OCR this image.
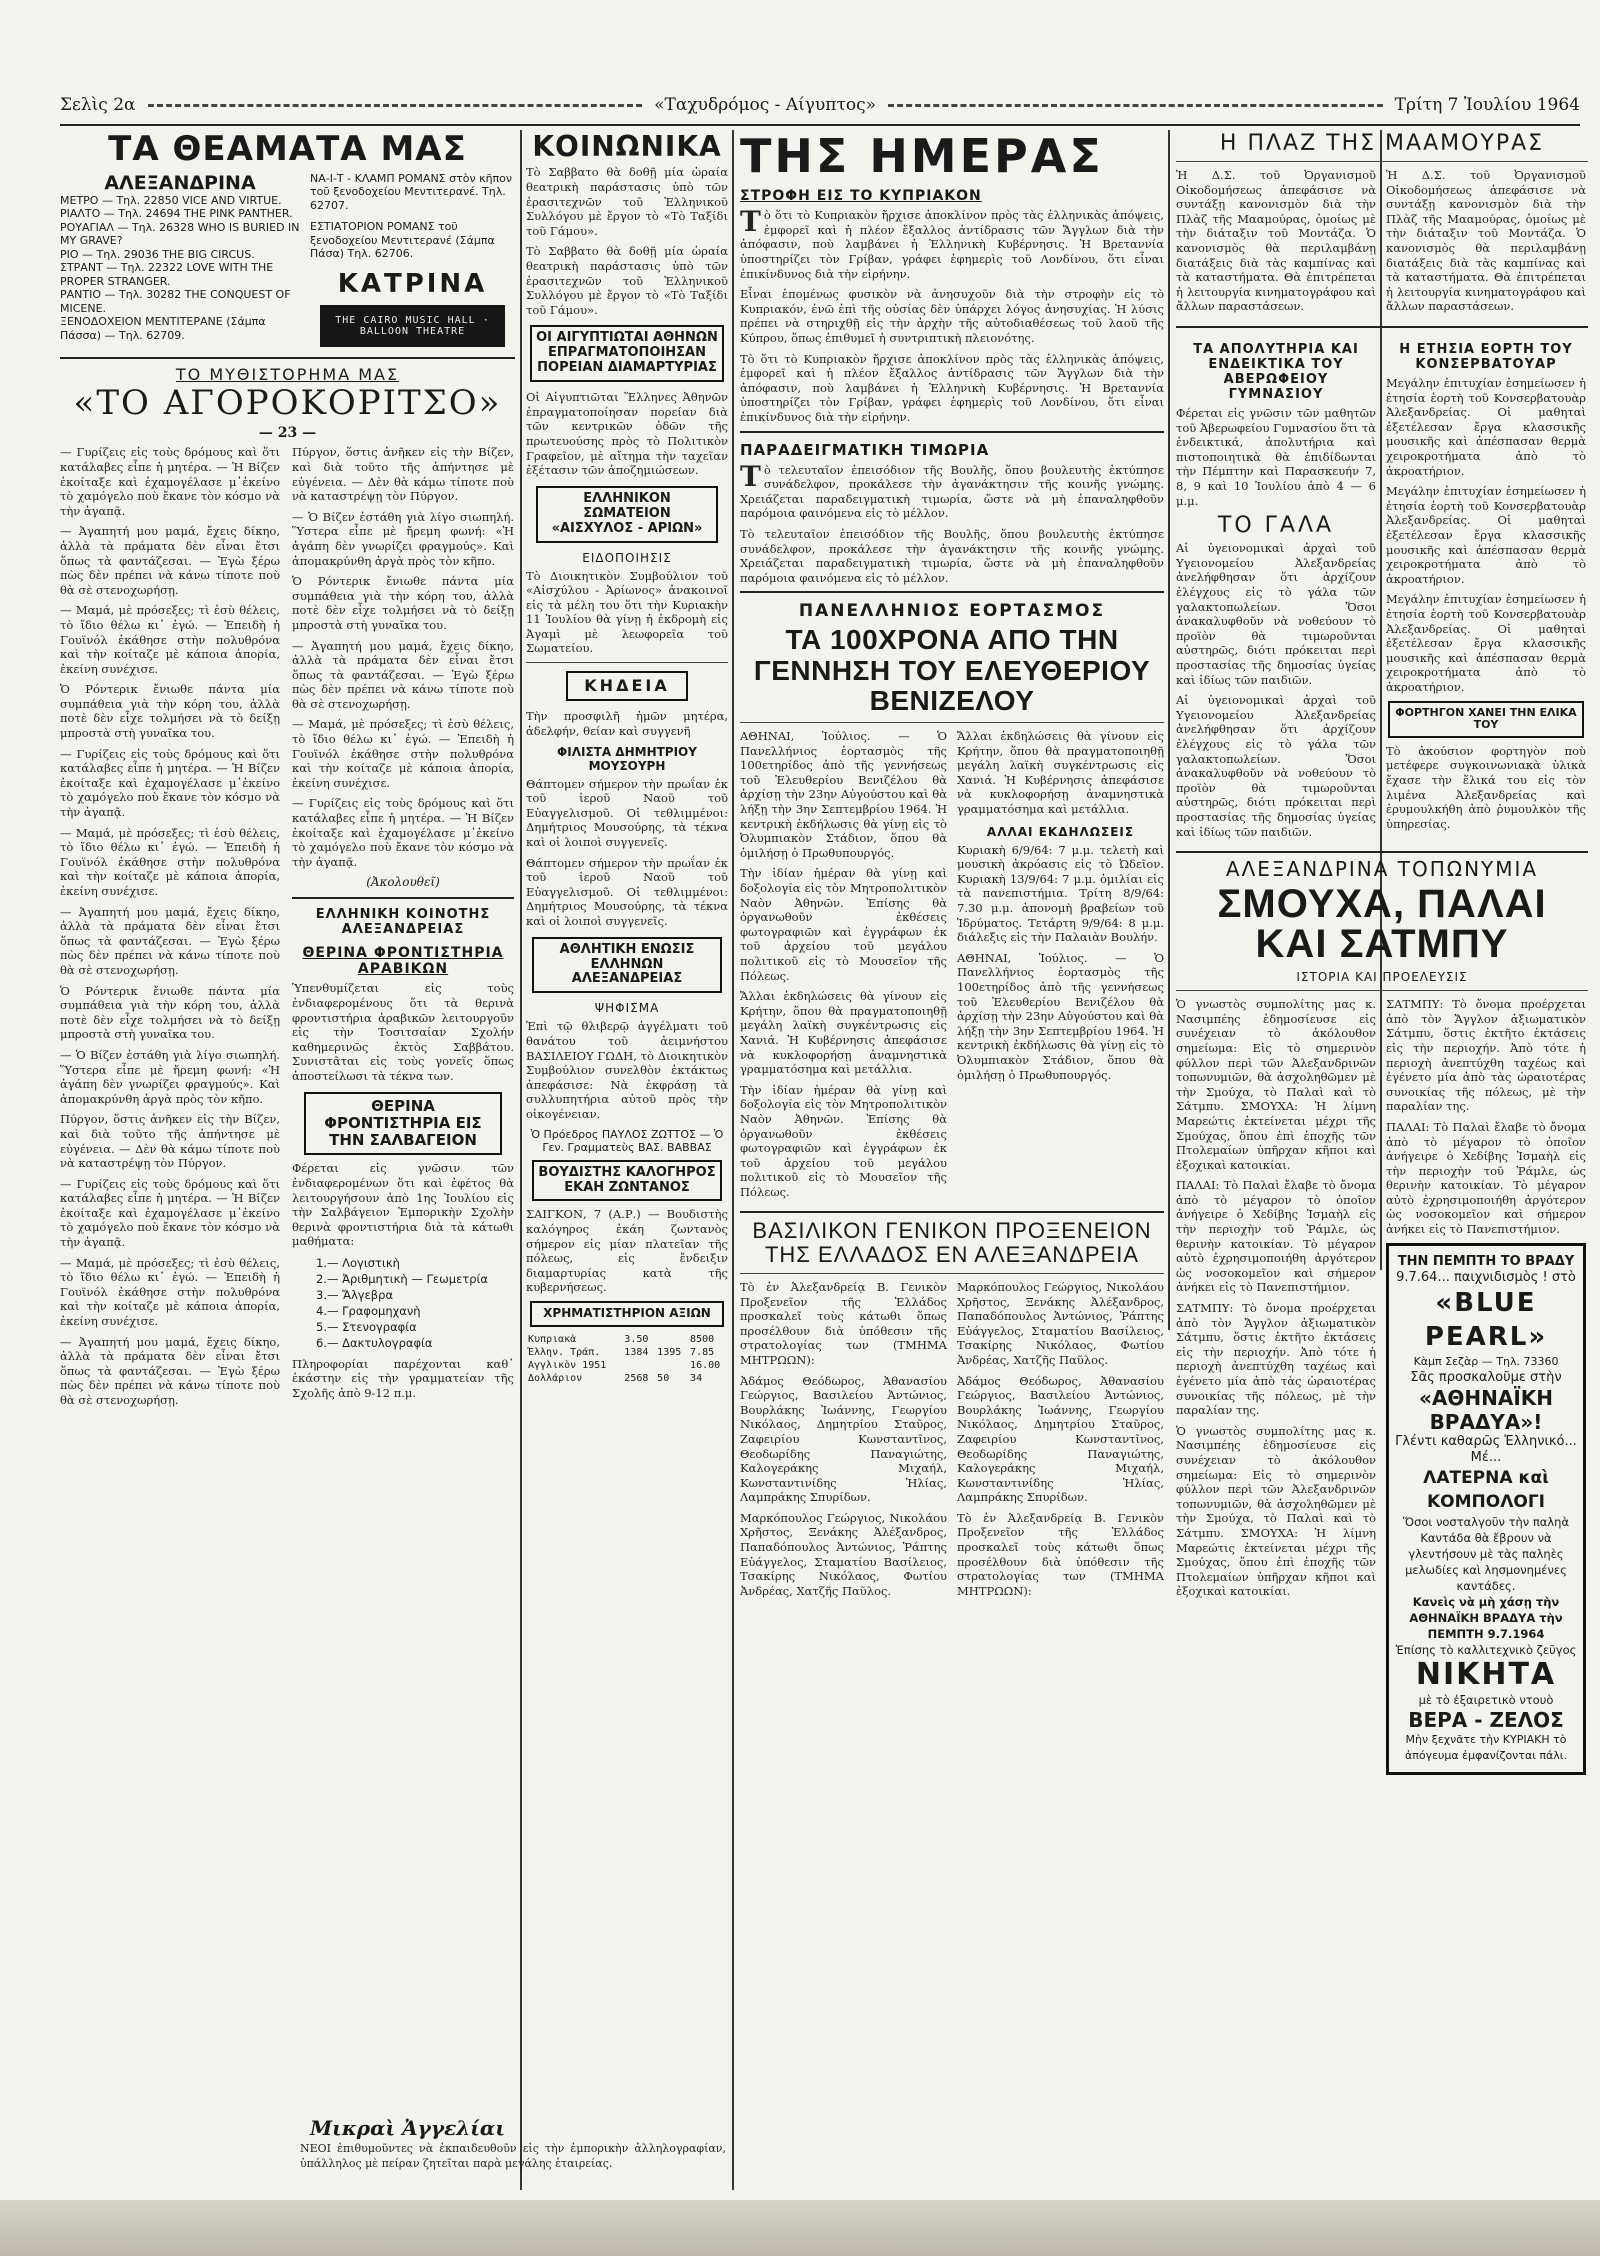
Σελὶς 2α	«Ταχυδρόμος - Αίγυπτος»	Τρίτη 7 Ἰουλίου 1964
ΤΑ ΘΕΑΜΑΤΑ ΜΑΣ
ΑΛΕΞΑΝΔΡΙΝΑ

ΜΕΤΡΟ — Τηλ. 22850 VICE AND VIRTUE.

ΡΙΑΛΤΟ — Τηλ. 24694 THE PINK PANTHER.

ΡΟΥΑΓΙΑΛ — Τηλ. 26328 WHO IS BURIED IN MY GRAVE?

ΡΙΟ — Τηλ. 29036 THE BIG CIRCUS.

ΣΤΡΑΝΤ — Τηλ. 22322 LOVE WITH THE PROPER STRANGER.

ΡΑΝΤΙΟ — Τηλ. 30282 THE CONQUEST OF MICENE.

ΞΕΝΟΔΟΧΕΙΟΝ ΜΕΝΤΙΤΕΡΑΝΕ (Σάμπα Πάσσα) — Τηλ. 62709.

ΝΑ-Ι-Τ - ΚΛΑΜΠ ΡΟΜΑΝΣ στὸν κῆπον τοῦ ξενοδοχείου Μεντιτερανέ. Τηλ. 62707.

ΕΣΤΙΑΤΟΡΙΟΝ ΡΟΜΑΝΣ τοῦ ξενοδοχείου Μεντιτερανέ (Σάμπα Πάσα) Τηλ. 62706.

ΚΑΤΡΙΝΑ
THE CAIRO MUSIC HALL · BALLOON THEATRE
ΤΟ ΜΥΘΙΣΤΟΡΗΜΑ ΜΑΣ
«ΤΟ ΑΓΟΡΟΚΟΡΙΤΣΟ»
— 23 —

— Γυρίζεις εἰς τοὺς δρόμους καὶ ὅτι κατάλαβες εἶπε ἡ μητέρα. — Ἡ Βίζεν ἐκοίταξε καὶ ἐχαμογέλασε μ᾽ἐκείνο τὸ χαμόγελο ποὺ ἔκανε τὸν κόσμο νὰ τὴν ἀγαπᾷ.

— Ἀγαπητή μου μαμά, ἔχεις δίκηο, ἀλλὰ τὰ πράματα δὲν εἶναι ἔτσι ὅπως τὰ φαντάζεσαι. — Ἐγὼ ξέρω πὼς δὲν πρέπει νὰ κάνω τίποτε ποὺ θὰ σὲ στενοχωρήσῃ.

— Μαμά, μὲ πρόσεξες; τὶ ἐσὺ θέλεις, τὸ ἴδιο θέλω κι᾽ ἐγώ. — Ἐπειδὴ ἡ Γουϊνόλ ἐκάθησε στὴν πολυθρόνα καὶ τὴν κοίταζε μὲ κάποια ἀπορία, ἐκείνη συνέχισε.

Ὁ Ρόντερικ ἔνιωθε πάντα μία συμπάθεια γιὰ τὴν κόρη του, ἀλλὰ ποτὲ δὲν εἶχε τολμήσει νὰ τὸ δείξῃ μπροστὰ στὴ γυναῖκα του.

— Γυρίζεις εἰς τοὺς δρόμους καὶ ὅτι κατάλαβες εἶπε ἡ μητέρα. — Ἡ Βίζεν ἐκοίταξε καὶ ἐχαμογέλασε μ᾽ἐκείνο τὸ χαμόγελο ποὺ ἔκανε τὸν κόσμο νὰ τὴν ἀγαπᾷ.

— Μαμά, μὲ πρόσεξες; τὶ ἐσὺ θέλεις, τὸ ἴδιο θέλω κι᾽ ἐγώ. — Ἐπειδὴ ἡ Γουϊνόλ ἐκάθησε στὴν πολυθρόνα καὶ τὴν κοίταζε μὲ κάποια ἀπορία, ἐκείνη συνέχισε.

— Ἀγαπητή μου μαμά, ἔχεις δίκηο, ἀλλὰ τὰ πράματα δὲν εἶναι ἔτσι ὅπως τὰ φαντάζεσαι. — Ἐγὼ ξέρω πὼς δὲν πρέπει νὰ κάνω τίποτε ποὺ θὰ σὲ στενοχωρήσῃ.

Ὁ Ρόντερικ ἔνιωθε πάντα μία συμπάθεια γιὰ τὴν κόρη του, ἀλλὰ ποτὲ δὲν εἶχε τολμήσει νὰ τὸ δείξῃ μπροστὰ στὴ γυναῖκα του.

— Ὁ Βίζεν ἐστάθη γιὰ λίγο σιωπηλή. Ὕστερα εἶπε μὲ ἤρεμη φωνή: «Ἡ ἀγάπη δὲν γνωρίζει φραγμούς». Καὶ ἀπομακρύνθη ἀργὰ πρὸς τὸν κῆπο.

Πύργον, ὅστις ἀνῆκεν εἰς τὴν Βίζεν, καὶ διὰ τοῦτο τῆς ἀπήντησε μὲ εὐγένεια. — Δὲν θὰ κάμω τίποτε ποὺ νὰ καταστρέψῃ τὸν Πύργον.

— Γυρίζεις εἰς τοὺς δρόμους καὶ ὅτι κατάλαβες εἶπε ἡ μητέρα. — Ἡ Βίζεν ἐκοίταξε καὶ ἐχαμογέλασε μ᾽ἐκείνο τὸ χαμόγελο ποὺ ἔκανε τὸν κόσμο νὰ τὴν ἀγαπᾷ.

— Μαμά, μὲ πρόσεξες; τὶ ἐσὺ θέλεις, τὸ ἴδιο θέλω κι᾽ ἐγώ. — Ἐπειδὴ ἡ Γουϊνόλ ἐκάθησε στὴν πολυθρόνα καὶ τὴν κοίταζε μὲ κάποια ἀπορία, ἐκείνη συνέχισε.

— Ἀγαπητή μου μαμά, ἔχεις δίκηο, ἀλλὰ τὰ πράματα δὲν εἶναι ἔτσι ὅπως τὰ φαντάζεσαι. — Ἐγὼ ξέρω πὼς δὲν πρέπει νὰ κάνω τίποτε ποὺ θὰ σὲ στενοχωρήσῃ.

Πύργον, ὅστις ἀνῆκεν εἰς τὴν Βίζεν, καὶ διὰ τοῦτο τῆς ἀπήντησε μὲ εὐγένεια. — Δὲν θὰ κάμω τίποτε ποὺ νὰ καταστρέψῃ τὸν Πύργον.

— Ὁ Βίζεν ἐστάθη γιὰ λίγο σιωπηλή. Ὕστερα εἶπε μὲ ἤρεμη φωνή: «Ἡ ἀγάπη δὲν γνωρίζει φραγμούς». Καὶ ἀπομακρύνθη ἀργὰ πρὸς τὸν κῆπο.

Ὁ Ρόντερικ ἔνιωθε πάντα μία συμπάθεια γιὰ τὴν κόρη του, ἀλλὰ ποτὲ δὲν εἶχε τολμήσει νὰ τὸ δείξῃ μπροστὰ στὴ γυναῖκα του.

— Ἀγαπητή μου μαμά, ἔχεις δίκηο, ἀλλὰ τὰ πράματα δὲν εἶναι ἔτσι ὅπως τὰ φαντάζεσαι. — Ἐγὼ ξέρω πὼς δὲν πρέπει νὰ κάνω τίποτε ποὺ θὰ σὲ στενοχωρήσῃ.

— Μαμά, μὲ πρόσεξες; τὶ ἐσὺ θέλεις, τὸ ἴδιο θέλω κι᾽ ἐγώ. — Ἐπειδὴ ἡ Γουϊνόλ ἐκάθησε στὴν πολυθρόνα καὶ τὴν κοίταζε μὲ κάποια ἀπορία, ἐκείνη συνέχισε.

— Γυρίζεις εἰς τοὺς δρόμους καὶ ὅτι κατάλαβες εἶπε ἡ μητέρα. — Ἡ Βίζεν ἐκοίταξε καὶ ἐχαμογέλασε μ᾽ἐκείνο τὸ χαμόγελο ποὺ ἔκανε τὸν κόσμο νὰ τὴν ἀγαπᾷ.

(Ἀκολουθεῖ)
ΕΛΛΗΝΙΚΗ ΚΟΙΝΟΤΗΣ ΑΛΕΞΑΝΔΡΕΙΑΣ
ΘΕΡΙΝΑ ΦΡΟΝΤΙΣΤΗΡΙΑ ΑΡΑΒΙΚΩΝ

Ὑπενθυμίζεται εἰς τοὺς ἐνδιαφερομένους ὅτι τὰ θερινὰ φροντιστήρια ἀραβικῶν λειτουργοῦν εἰς τὴν Τοσιτσαίαν Σχολήν καθημερινῶς ἐκτὸς Σαββάτου. Συνιστᾶται εἰς τοὺς γονεῖς ὅπως ἀποστείλωσι τὰ τέκνα των.

ΘΕΡΙΝΑ ΦΡΟΝΤΙΣΤΗΡΙΑ ΕΙΣ ΤΗΝ ΣΑΛΒΑΓΕΙΟΝ

Φέρεται εἰς γνῶσιν τῶν ἐνδιαφερομένων ὅτι καὶ ἐφέτος θὰ λειτουργήσουν ἀπὸ 1ης Ἰουλίου εἰς τὴν Σαλβάγειον Ἐμπορικὴν Σχολὴν θερινὰ φροντιστήρια διὰ τὰ κάτωθι μαθήματα:

1.— Λογιστικὴ
2.— Ἀριθμητικὴ — Γεωμετρία
3.— Ἄλγεβρα
4.— Γραφομηχανὴ
5.— Στενογραφία
6.— Δακτυλογραφία

Πληροφορίαι παρέχονται καθ᾽ ἑκάστην εἰς τὴν γραμματείαν τῆς Σχολῆς ἀπὸ 9-12 π.μ.

ΚΟΙΝΩΝΙΚΑ

Τὸ Σαββατο θὰ δοθῇ μία ὡραία θεατρικὴ παράστασις ὑπὸ τῶν ἐρασιτεχνῶν τοῦ Ἑλληνικοῦ Συλλόγου μὲ ἔργον τὸ «Τὸ Ταξίδι τοῦ Γάμου».

Τὸ Σαββατο θὰ δοθῇ μία ὡραία θεατρικὴ παράστασις ὑπὸ τῶν ἐρασιτεχνῶν τοῦ Ἑλληνικοῦ Συλλόγου μὲ ἔργον τὸ «Τὸ Ταξίδι τοῦ Γάμου».

ΟΙ ΑΙΓΥΠΤΙΩΤΑΙ ΑΘΗΝΩΝ ΕΠΡΑΓΜΑΤΟΠΟΙΗΣΑΝ ΠΟΡΕΙΑΝ ΔΙΑΜΑΡΤΥΡΙΑΣ

Οἱ Αἰγυπτιῶται Ἕλληνες Ἀθηνῶν ἐπραγματοποίησαν πορείαν διὰ τῶν κεντρικῶν ὁδῶν τῆς πρωτευούσης πρὸς τὸ Πολιτικὸν Γραφεῖον, μὲ αἴτημα τὴν ταχεῖαν ἐξέτασιν τῶν ἀποζημιώσεων.

ΕΛΛΗΝΙΚΟΝ ΣΩΜΑΤΕΙΟΝ «ΑΙΣΧΥΛΟΣ - ΑΡΙΩΝ»
ΕΙΔΟΠΟΙΗΣΙΣ

Τὸ Διοικητικὸν Συμβούλιον τοῦ «Αἰσχύλου - Ἀρίωνος» ἀνακοινοῖ εἰς τὰ μέλη του ὅτι τὴν Κυριακὴν 11 Ἰουλίου θὰ γίνῃ ἡ ἐκδρομὴ εἰς Ἀγαμὶ μὲ λεωφορεῖα τοῦ Σωματείου.

ΚΗΔΕΙΑ

Τὴν προσφιλῆ ἡμῶν μητέρα, ἀδελφήν, θείαν καὶ συγγενῆ

ΦΙΛΙΣΤΑ ΔΗΜΗΤΡΙΟΥ ΜΟΥΣΟΥΡΗ

Θάπτομεν σήμερον τὴν πρωΐαν ἐκ τοῦ ἱεροῦ Ναοῦ τοῦ Εὐαγγελισμοῦ. Οἱ τεθλιμμένοι: Δημήτριος Μουσούρης, τὰ τέκνα καὶ οἱ λοιποὶ συγγενεῖς.

Θάπτομεν σήμερον τὴν πρωΐαν ἐκ τοῦ ἱεροῦ Ναοῦ τοῦ Εὐαγγελισμοῦ. Οἱ τεθλιμμένοι: Δημήτριος Μουσούρης, τὰ τέκνα καὶ οἱ λοιποὶ συγγενεῖς.

ΑΘΛΗΤΙΚΗ ΕΝΩΣΙΣ ΕΛΛΗΝΩΝ ΑΛΕΞΑΝΔΡΕΙΑΣ
ΨΗΦΙΣΜΑ

Ἐπὶ τῷ θλιβερῷ ἀγγέλματι τοῦ θανάτου τοῦ ἀειμνήστου ΒΑΣΙΛΕΙΟΥ ΓΩΔΗ, τὸ Διοικητικὸν Συμβούλιον συνελθὸν ἐκτάκτως ἀπεφάσισε: Νὰ ἐκφράσῃ τὰ συλλυπητήρια αὐτοῦ πρὸς τὴν οἰκογένειαν.

Ὁ Πρόεδρος ΠΑΥΛΟΣ ΖΩΤΤΟΣ — Ὁ Γεν. Γραμματεὺς ΒΑΣ. ΒΑΒΒΑΣ
ΒΟΥΔΙΣΤΗΣ ΚΑΛΟΓΗΡΟΣ ΕΚΑΗ ΖΩΝΤΑΝΟΣ

ΣΑΙΓΚΟΝ, 7 (Α.Ρ.) — Βουδιστὴς καλόγηρος ἐκάη ζωντανὸς σήμερον εἰς μίαν πλατεῖαν τῆς πόλεως, εἰς ἔνδειξιν διαμαρτυρίας κατὰ τῆς κυβερνήσεως.

ΧΡΗΜΑΤΙΣΤΗΡΙΟΝ ΑΞΙΩΝ
Κυπριακὰ	3.50		8500
Ἑλλην. Τράπ.	1384	1395	7.85
Αγγλικὸν 1951			16.00
Δολλάριον	2568	50	34
Μικραὶ Ἀγγελίαι

ΝΕΟΙ ἐπιθυμοῦντες νὰ ἐκπαιδευθοῦν εἰς τὴν ἐμπορικὴν ἀλληλογραφίαν, ὑπάλληλος μὲ πείραν ζητεῖται παρὰ μεγάλης ἑταιρείας.

ΤΗΣ ΗΜΕΡΑΣ
ΣΤΡΟΦΗ ΕΙΣ ΤΟ ΚΥΠΡΙΑΚΟΝ

Τὸ ὅτι τὸ Κυπριακὸν ἤρχισε ἀποκλίνον πρὸς τὰς ἑλληνικὰς ἀπόψεις, ἐμφορεῖ καὶ ἡ πλέον ἔξαλλος ἀντίδρασις τῶν Ἄγγλων διὰ τὴν ἀπόφασιν, ποὺ λαμβάνει ἡ Ἑλληνικὴ Κυβέρνησις. Ἡ Βρεταννία ὑποστηρίζει τὸν Γρίβαν, γράφει ἐφημερὶς τοῦ Λονδίνου, ὅτι εἶναι ἐπικίνδυνος διὰ τὴν εἰρήνην.

Εἶναι ἑπομένως φυσικὸν νὰ ἀνησυχοῦν διὰ τὴν στροφὴν εἰς τὸ Κυπριακόν, ἐνῶ ἐπὶ τῆς οὐσίας δὲν ὑπάρχει λόγος ἀνησυχίας. Ἡ λύσις πρέπει νὰ στηριχθῇ εἰς τὴν ἀρχὴν τῆς αὐτοδιαθέσεως τοῦ λαοῦ τῆς Κύπρου, ὅπως ἐπιθυμεῖ ἡ συντριπτικὴ πλειονότης.

Τὸ ὅτι τὸ Κυπριακὸν ἤρχισε ἀποκλίνον πρὸς τὰς ἑλληνικὰς ἀπόψεις, ἐμφορεῖ καὶ ἡ πλέον ἔξαλλος ἀντίδρασις τῶν Ἄγγλων διὰ τὴν ἀπόφασιν, ποὺ λαμβάνει ἡ Ἑλληνικὴ Κυβέρνησις. Ἡ Βρεταννία ὑποστηρίζει τὸν Γρίβαν, γράφει ἐφημερὶς τοῦ Λονδίνου, ὅτι εἶναι ἐπικίνδυνος διὰ τὴν εἰρήνην.

ΠΑΡΑΔΕΙΓΜΑΤΙΚΗ ΤΙΜΩΡΙΑ

Τὸ τελευταῖον ἐπεισόδιον τῆς Βουλῆς, ὅπου βουλευτὴς ἐκτύπησε συνάδελφον, προκάλεσε τὴν ἀγανάκτησιν τῆς κοινῆς γνώμης. Χρειάζεται παραδειγματικὴ τιμωρία, ὥστε νὰ μὴ ἐπαναληφθοῦν παρόμοια φαινόμενα εἰς τὸ μέλλον.

Τὸ τελευταῖον ἐπεισόδιον τῆς Βουλῆς, ὅπου βουλευτὴς ἐκτύπησε συνάδελφον, προκάλεσε τὴν ἀγανάκτησιν τῆς κοινῆς γνώμης. Χρειάζεται παραδειγματικὴ τιμωρία, ὥστε νὰ μὴ ἐπαναληφθοῦν παρόμοια φαινόμενα εἰς τὸ μέλλον.

ΠΑΝΕΛΛΗΝΙΟΣ ΕΟΡΤΑΣΜΟΣ
ΤΑ 100ΧΡΟΝΑ ΑΠΟ ΤΗΝ ΓΕΝΝΗΣΗ ΤΟΥ ΕΛΕΥΘΕΡΙΟΥ ΒΕΝΙΖΕΛΟΥ

ΑΘΗΝΑΙ, Ἰούλιος. — Ὁ Πανελλήνιος ἑορτασμὸς τῆς 100ετηρίδος ἀπὸ τῆς γεννήσεως τοῦ Ἐλευθερίου Βενιζέλου θὰ ἀρχίσῃ τὴν 23ην Αὐγούστου καὶ θὰ λήξῃ τὴν 3ην Σεπτεμβρίου 1964. Ἡ κεντρικὴ ἐκδήλωσις θὰ γίνῃ εἰς τὸ Ὀλυμπιακὸν Στάδιον, ὅπου θὰ ὁμιλήσῃ ὁ Πρωθυπουργός.

Τὴν ἰδίαν ἡμέραν θὰ γίνῃ καὶ δοξολογία εἰς τὸν Μητροπολιτικὸν Ναὸν Ἀθηνῶν. Ἐπίσης θὰ ὀργανωθοῦν ἐκθέσεις φωτογραφιῶν καὶ ἐγγράφων ἐκ τοῦ ἀρχείου τοῦ μεγάλου πολιτικοῦ εἰς τὸ Μουσεῖον τῆς Πόλεως.

Ἄλλαι ἐκδηλώσεις θὰ γίνουν εἰς Κρήτην, ὅπου θὰ πραγματοποιηθῇ μεγάλη λαϊκὴ συγκέντρωσις εἰς Χανιά. Ἡ Κυβέρνησις ἀπεφάσισε νὰ κυκλοφορήσῃ ἀναμνηστικὰ γραμματόσημα καὶ μετάλλια.

Τὴν ἰδίαν ἡμέραν θὰ γίνῃ καὶ δοξολογία εἰς τὸν Μητροπολιτικὸν Ναὸν Ἀθηνῶν. Ἐπίσης θὰ ὀργανωθοῦν ἐκθέσεις φωτογραφιῶν καὶ ἐγγράφων ἐκ τοῦ ἀρχείου τοῦ μεγάλου πολιτικοῦ εἰς τὸ Μουσεῖον τῆς Πόλεως.

Ἄλλαι ἐκδηλώσεις θὰ γίνουν εἰς Κρήτην, ὅπου θὰ πραγματοποιηθῇ μεγάλη λαϊκὴ συγκέντρωσις εἰς Χανιά. Ἡ Κυβέρνησις ἀπεφάσισε νὰ κυκλοφορήσῃ ἀναμνηστικὰ γραμματόσημα καὶ μετάλλια.

ΑΛΛΑΙ ΕΚΔΗΛΩΣΕΙΣ

Κυριακὴ 6/9/64: 7 μ.μ. τελετὴ καὶ μουσικὴ ἀκρόασις εἰς τὸ Ὠδεῖον. Κυριακὴ 13/9/64: 7 μ.μ. ὁμιλίαι εἰς τὰ πανεπιστήμια. Τρίτη 8/9/64: 7.30 μ.μ. ἀπονομὴ βραβείων τοῦ Ἱδρύματος. Τετάρτη 9/9/64: 8 μ.μ. διάλεξις εἰς τὴν Παλαιὰν Βουλήν.

ΑΘΗΝΑΙ, Ἰούλιος. — Ὁ Πανελλήνιος ἑορτασμὸς τῆς 100ετηρίδος ἀπὸ τῆς γεννήσεως τοῦ Ἐλευθερίου Βενιζέλου θὰ ἀρχίσῃ τὴν 23ην Αὐγούστου καὶ θὰ λήξῃ τὴν 3ην Σεπτεμβρίου 1964. Ἡ κεντρικὴ ἐκδήλωσις θὰ γίνῃ εἰς τὸ Ὀλυμπιακὸν Στάδιον, ὅπου θὰ ὁμιλήσῃ ὁ Πρωθυπουργός.

ΒΑΣΙΛΙΚΟΝ ΓΕΝΙΚΟΝ ΠΡΟΞΕΝΕΙΟΝ ΤΗΣ ΕΛΛΑΔΟΣ ΕΝ ΑΛΕΞΑΝΔΡΕΙΑ

Τὸ ἐν Ἀλεξανδρείᾳ Β. Γενικὸν Προξενεῖον τῆς Ἑλλάδος προσκαλεῖ τοὺς κάτωθι ὅπως προσέλθουν διὰ ὑπόθεσιν τῆς στρατολογίας των (ΤΜΗΜΑ ΜΗΤΡΩΩΝ):

Ἀδάμος Θεόδωρος, Ἀθανασίου Γεώργιος, Βασιλείου Ἀντώνιος, Βουρλάκης Ἰωάννης, Γεωργίου Νικόλαος, Δημητρίου Σταῦρος, Ζαφειρίου Κωνσταντῖνος, Θεοδωρίδης Παναγιώτης, Καλογεράκης Μιχαήλ, Κωνσταντινίδης Ἠλίας, Λαμπράκης Σπυρίδων.

Μαρκόπουλος Γεώργιος, Νικολάου Χρῆστος, Ξενάκης Ἀλέξανδρος, Παπαδόπουλος Ἀντώνιος, Ῥάπτης Εὐάγγελος, Σταματίου Βασίλειος, Τσακίρης Νικόλαος, Φωτίου Ἀνδρέας, Χατζῆς Παῦλος.

Μαρκόπουλος Γεώργιος, Νικολάου Χρῆστος, Ξενάκης Ἀλέξανδρος, Παπαδόπουλος Ἀντώνιος, Ῥάπτης Εὐάγγελος, Σταματίου Βασίλειος, Τσακίρης Νικόλαος, Φωτίου Ἀνδρέας, Χατζῆς Παῦλος.

Ἀδάμος Θεόδωρος, Ἀθανασίου Γεώργιος, Βασιλείου Ἀντώνιος, Βουρλάκης Ἰωάννης, Γεωργίου Νικόλαος, Δημητρίου Σταῦρος, Ζαφειρίου Κωνσταντῖνος, Θεοδωρίδης Παναγιώτης, Καλογεράκης Μιχαήλ, Κωνσταντινίδης Ἠλίας, Λαμπράκης Σπυρίδων.

Τὸ ἐν Ἀλεξανδρείᾳ Β. Γενικὸν Προξενεῖον τῆς Ἑλλάδος προσκαλεῖ τοὺς κάτωθι ὅπως προσέλθουν διὰ ὑπόθεσιν τῆς στρατολογίας των (ΤΜΗΜΑ ΜΗΤΡΩΩΝ):

Η ΠΛΑΖ ΤΗΣ ΜΑΑΜΟΥΡΑΣ

Ἡ Δ.Σ. τοῦ Ὀργανισμοῦ Οἰκοδομήσεως ἀπεφάσισε νὰ συντάξῃ κανονισμὸν διὰ τὴν Πλὰζ τῆς Μααμούρας, ὁμοίως μὲ τὴν διάταξιν τοῦ Μοντάζα. Ὁ κανονισμὸς θὰ περιλαμβάνῃ διατάξεις διὰ τὰς καμπίνας καὶ τὰ καταστήματα. Θὰ ἐπιτρέπεται ἡ λειτουργία κινηματογράφου καὶ ἄλλων παραστάσεων.

Ἡ Δ.Σ. τοῦ Ὀργανισμοῦ Οἰκοδομήσεως ἀπεφάσισε νὰ συντάξῃ κανονισμὸν διὰ τὴν Πλὰζ τῆς Μααμούρας, ὁμοίως μὲ τὴν διάταξιν τοῦ Μοντάζα. Ὁ κανονισμὸς θὰ περιλαμβάνῃ διατάξεις διὰ τὰς καμπίνας καὶ τὰ καταστήματα. Θὰ ἐπιτρέπεται ἡ λειτουργία κινηματογράφου καὶ ἄλλων παραστάσεων.

ΤΑ ΑΠΟΛΥΤΗΡΙΑ ΚΑΙ ΕΝΔΕΙΚΤΙΚΑ ΤΟΥ ΑΒΕΡΩΦΕΙΟΥ ΓΥΜΝΑΣΙΟΥ

Φέρεται εἰς γνῶσιν τῶν μαθητῶν τοῦ Ἀβερωφείου Γυμνασίου ὅτι τὰ ἐνδεικτικά, ἀπολυτήρια καὶ πιστοποιητικὰ θὰ ἐπιδίδωνται τὴν Πέμπτην καὶ Παρασκευήν 7, 8, 9 καὶ 10 Ἰουλίου ἀπὸ 4 — 6 μ.μ.

ΤΟ ΓΑΛΑ

Αἱ ὑγειονομικαὶ ἀρχαὶ τοῦ Υγειονομείου Ἀλεξανδρείας ἀνελήφθησαν ὅτι ἀρχίζουν ἐλέγχους εἰς τὸ γάλα τῶν γαλακτοπωλείων. Ὅσοι ἀνακαλυφθοῦν νὰ νοθεύουν τὸ προϊὸν θὰ τιμωροῦνται αὐστηρῶς, διότι πρόκειται περὶ προστασίας τῆς δημοσίας ὑγείας καὶ ἰδίως τῶν παιδιῶν.

Αἱ ὑγειονομικαὶ ἀρχαὶ τοῦ Υγειονομείου Ἀλεξανδρείας ἀνελήφθησαν ὅτι ἀρχίζουν ἐλέγχους εἰς τὸ γάλα τῶν γαλακτοπωλείων. Ὅσοι ἀνακαλυφθοῦν νὰ νοθεύουν τὸ προϊὸν θὰ τιμωροῦνται αὐστηρῶς, διότι πρόκειται περὶ προστασίας τῆς δημοσίας ὑγείας καὶ ἰδίως τῶν παιδιῶν.

Η ΕΤΗΣΙΑ ΕΟΡΤΗ ΤΟΥ ΚΟΝΣΕΡΒΑΤΟΥΑΡ

Μεγάλην ἐπιτυχίαν ἐσημείωσεν ἡ ἐτησία ἑορτὴ τοῦ Κονσερβατουὰρ Ἀλεξανδρείας. Οἱ μαθηταὶ ἐξετέλεσαν ἔργα κλασσικῆς μουσικῆς καὶ ἀπέσπασαν θερμὰ χειροκροτήματα ἀπὸ τὸ ἀκροατήριον.

Μεγάλην ἐπιτυχίαν ἐσημείωσεν ἡ ἐτησία ἑορτὴ τοῦ Κονσερβατουὰρ Ἀλεξανδρείας. Οἱ μαθηταὶ ἐξετέλεσαν ἔργα κλασσικῆς μουσικῆς καὶ ἀπέσπασαν θερμὰ χειροκροτήματα ἀπὸ τὸ ἀκροατήριον.

Μεγάλην ἐπιτυχίαν ἐσημείωσεν ἡ ἐτησία ἑορτὴ τοῦ Κονσερβατουὰρ Ἀλεξανδρείας. Οἱ μαθηταὶ ἐξετέλεσαν ἔργα κλασσικῆς μουσικῆς καὶ ἀπέσπασαν θερμὰ χειροκροτήματα ἀπὸ τὸ ἀκροατήριον.

ΦΟΡΤΗΓΟΝ ΧΑΝΕΙ ΤΗΝ ΕΛΙΚΑ ΤΟΥ

Τὸ ἀκούσιον φορτηγὸν ποὺ μετέφερε συγκοινωνιακὰ ὑλικὰ ἔχασε τὴν ἕλικά του εἰς τὸν λιμένα Ἀλεξανδρείας καὶ ἐρυμουλκήθη ἀπὸ ῥυμουλκὸν τῆς ὑπηρεσίας.

ΑΛΕΞΑΝΔΡΙΝΑ ΤΟΠΩΝΥΜΙΑ
ΣΜΟΥΧΑ, ΠΑΛΑΙ ΚΑΙ ΣΑΤΜΠΥ
ΙΣΤΟΡΙΑ ΚΑΙ ΠΡΟΕΛΕΥΣΙΣ

Ὁ γνωστὸς συμπολίτης μας κ. Νασιμπέης ἐδημοσίευσε εἰς συνέχειαν τὸ ἀκόλουθον σημείωμα: Εἰς τὸ σημερινὸν φύλλον περὶ τῶν Ἀλεξανδρινῶν τοπωνυμιῶν, θὰ ἀσχοληθῶμεν μὲ τὴν Σμούχα, τὸ Παλαὶ καὶ τὸ Σάτμπυ. ΣΜΟΥΧΑ: Ἡ λίμνη Μαρεώτις ἐκτείνεται μέχρι τῆς Σμούχας, ὅπου ἐπὶ ἐποχῆς τῶν Πτολεμαίων ὑπῆρχαν κῆποι καὶ ἐξοχικαὶ κατοικίαι.

ΠΑΛΑΙ: Τὸ Παλαὶ ἔλαβε τὸ ὄνομα ἀπὸ τὸ μέγαρον τὸ ὁποῖον ἀνήγειρε ὁ Χεδίβης Ἰσμαὴλ εἰς τὴν περιοχὴν τοῦ Ῥάμλε, ὡς θερινὴν κατοικίαν. Τὸ μέγαρον αὐτὸ ἐχρησιμοποιήθη ἀργότερον ὡς νοσοκομεῖον καὶ σήμερον ἀνήκει εἰς τὸ Πανεπιστήμιον.

ΣΑΤΜΠΥ: Τὸ ὄνομα προέρχεται ἀπὸ τὸν Ἄγγλον ἀξιωματικὸν Σάτμπυ, ὅστις ἐκτῆτο ἐκτάσεις εἰς τὴν περιοχήν. Ἀπὸ τότε ἡ περιοχὴ ἀνεπτύχθη ταχέως καὶ ἐγένετο μία ἀπὸ τὰς ὡραιοτέρας συνοικίας τῆς πόλεως, μὲ τὴν παραλίαν της.

Ὁ γνωστὸς συμπολίτης μας κ. Νασιμπέης ἐδημοσίευσε εἰς συνέχειαν τὸ ἀκόλουθον σημείωμα: Εἰς τὸ σημερινὸν φύλλον περὶ τῶν Ἀλεξανδρινῶν τοπωνυμιῶν, θὰ ἀσχοληθῶμεν μὲ τὴν Σμούχα, τὸ Παλαὶ καὶ τὸ Σάτμπυ. ΣΜΟΥΧΑ: Ἡ λίμνη Μαρεώτις ἐκτείνεται μέχρι τῆς Σμούχας, ὅπου ἐπὶ ἐποχῆς τῶν Πτολεμαίων ὑπῆρχαν κῆποι καὶ ἐξοχικαὶ κατοικίαι.

ΣΑΤΜΠΥ: Τὸ ὄνομα προέρχεται ἀπὸ τὸν Ἄγγλον ἀξιωματικὸν Σάτμπυ, ὅστις ἐκτῆτο ἐκτάσεις εἰς τὴν περιοχήν. Ἀπὸ τότε ἡ περιοχὴ ἀνεπτύχθη ταχέως καὶ ἐγένετο μία ἀπὸ τὰς ὡραιοτέρας συνοικίας τῆς πόλεως, μὲ τὴν παραλίαν της.

ΠΑΛΑΙ: Τὸ Παλαὶ ἔλαβε τὸ ὄνομα ἀπὸ τὸ μέγαρον τὸ ὁποῖον ἀνήγειρε ὁ Χεδίβης Ἰσμαὴλ εἰς τὴν περιοχὴν τοῦ Ῥάμλε, ὡς θερινὴν κατοικίαν. Τὸ μέγαρον αὐτὸ ἐχρησιμοποιήθη ἀργότερον ὡς νοσοκομεῖον καὶ σήμερον ἀνήκει εἰς τὸ Πανεπιστήμιον.

ΤΗΝ ΠΕΜΠΤΗ ΤΟ ΒΡΑΔΥ
9.7.64... παιχνιδισμὸς ! στὸ
«BLUE PEARL»
Κὰμπ Σεζὰρ — Τηλ. 73360
Σᾶς προσκαλοῦμε στὴν
«ΑΘΗΝΑΪΚΗ ΒΡΑΔΥΑ»!
Γλέντι καθαρῶς Ἑλληνικό... Μέ...
ΛΑΤΕΡΝΑ καὶ ΚΟΜΠΟΛΟΓΙ
Ὅσοι νοσταλγοῦν τὴν παληὰ Καντάδα θὰ ἔβρουν νὰ γλεντήσουν μὲ τὰς παληὲς μελωδίες καὶ λησμονημένες καντάδες.
Κανεὶς νὰ μὴ χάσῃ τὴν ΑΘΗΝΑΪΚΗ ΒΡΑΔΥΑ τὴν ΠΕΜΠΤΗ 9.7.1964
Ἐπίσης τὸ καλλιτεχνικὸ ζεῦγος
ΝΙΚΗΤΑ
μὲ τὸ ἐξαιρετικὸ ντουὸ
ΒΕΡΑ - ΖΕΛΟΣ
Μὴν ξεχνᾶτε τὴν ΚΥΡΙΑΚΗ τὸ ἀπόγευμα ἐμφανίζονται πάλι.
